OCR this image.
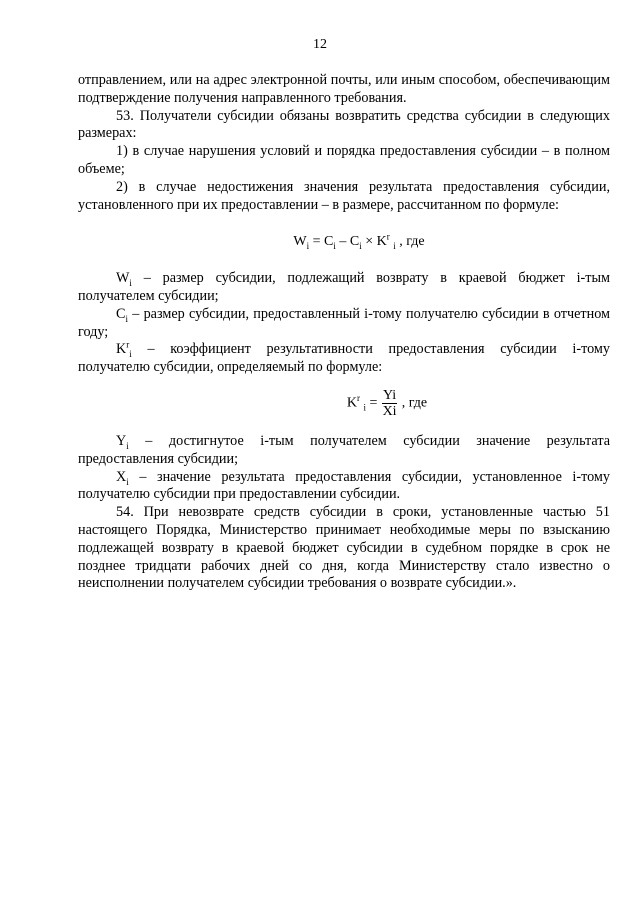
12

отправлением, или на адрес электронной почты, или иным способом, обеспечивающим подтверждение получения направленного требования.

53. Получатели субсидии обязаны возвратить средства субсидии в следующих размерах:

1) в случае нарушения условий и порядка предоставления субсидии – в полном объеме;

2) в случае недостижения значения результата предоставления субсидии, установленного при их предоставлении – в размере, рассчитанном по формуле:

$W_i = C_i - C_i \times K^r$ $_i$ , где

$W_i$ – размер субсидии, подлежащий возврату в краевой бюджет i-тым получателем субсидии;

$C_i$ – размер субсидии, предоставленный i-тому получателю субсидии в отчетном году;

$K^r_i$ – коэффициент результативности предоставления субсидии i-тому получателю субсидии, определяемый по формуле:

$K^r$ $_i = \frac{Yi}{Xi}$ , где

$Y_i$ – достигнутое i-тым получателем субсидии значение результата предоставления субсидии;

$X_i$ – значение результата предоставления субсидии, установленное i-тому получателю субсидии при предоставлении субсидии.

54. При невозврате средств субсидии в сроки, установленные частью 51 настоящего Порядка, Министерство принимает необходимые меры по взысканию подлежащей возврату в краевой бюджет субсидии в судебном порядке в срок не позднее тридцати рабочих дней со дня, когда Министерству стало известно о неисполнении получателем субсидии требования о возврате субсидии.».
